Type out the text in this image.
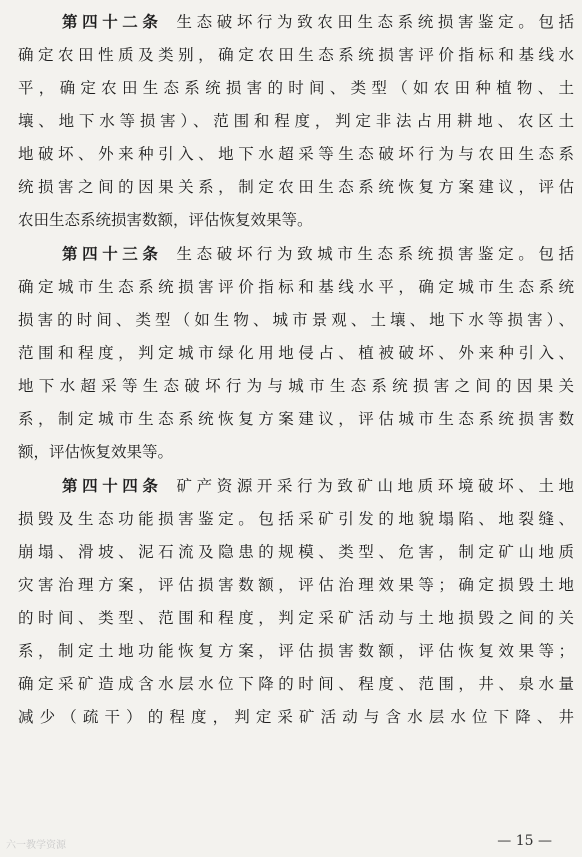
第四十二条 生态破坏行为致农田生态系统损害鉴定。包括
确定农田性质及类别，确定农田生态系统损害评价指标和基线水
平，确定农田生态系统损害的时间、类型（如农田种植物、土
壤、地下水等损害）、范围和程度，判定非法占用耕地、农区土
地破坏、外来种引入、地下水超采等生态破坏行为与农田生态系
统损害之间的因果关系，制定农田生态系统恢复方案建议，评估
农田生态系统损害数额，评估恢复效果等。
第四十三条 生态破坏行为致城市生态系统损害鉴定。包括
确定城市生态系统损害评价指标和基线水平，确定城市生态系统
损害的时间、类型（如生物、城市景观、土壤、地下水等损害）、
范围和程度，判定城市绿化用地侵占、植被破坏、外来种引入、
地下水超采等生态破坏行为与城市生态系统损害之间的因果关
系，制定城市生态系统恢复方案建议，评估城市生态系统损害数
额，评估恢复效果等。
第四十四条 矿产资源开采行为致矿山地质环境破坏、土地
损毁及生态功能损害鉴定。包括采矿引发的地貌塌陷、地裂缝、
崩塌、滑坡、泥石流及隐患的规模、类型、危害，制定矿山地质
灾害治理方案，评估损害数额，评估治理效果等；确定损毁土地
的时间、类型、范围和程度，判定采矿活动与土地损毁之间的关
系，制定土地功能恢复方案，评估损害数额，评估恢复效果等；
确定采矿造成含水层水位下降的时间、程度、范围，井、泉水量
减少（疏干）的程度，判定采矿活动与含水层水位下降、井
六一教学资源	— 15 —
